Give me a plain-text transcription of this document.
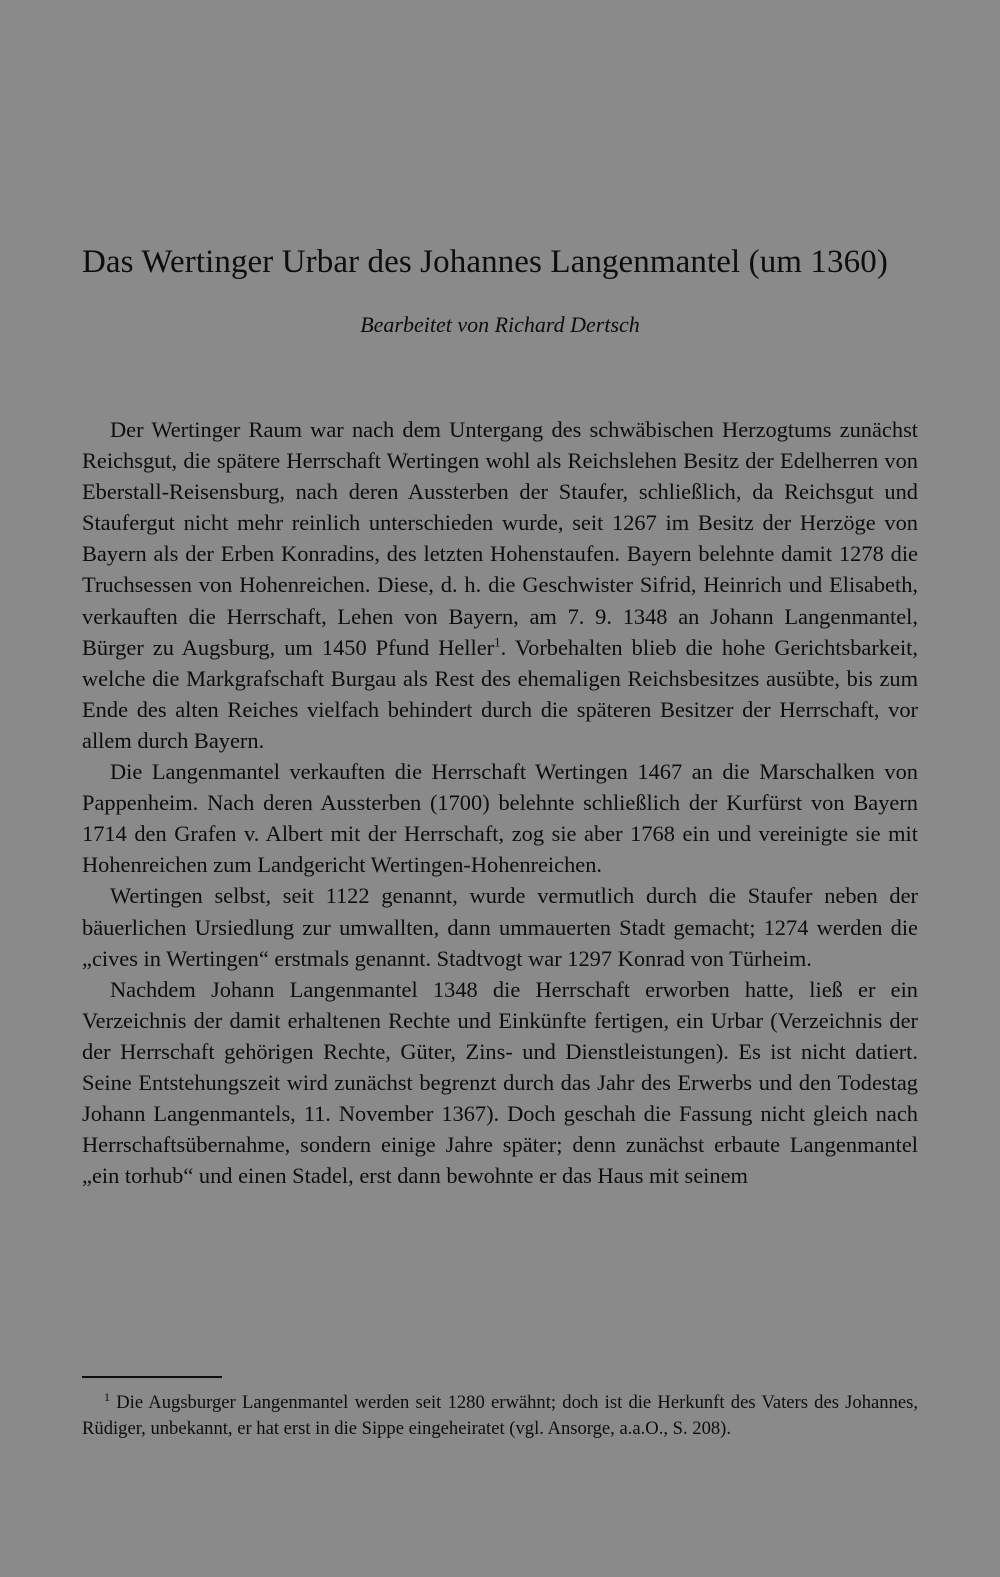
Das Wertinger Urbar des Johannes Langenmantel (um 1360)
Bearbeitet von Richard Dertsch

Der Wertinger Raum war nach dem Untergang des schwäbischen Herzogtums zunächst Reichsgut, die spätere Herrschaft Wertingen wohl als Reichslehen Besitz der Edelherren von Eberstall-Reisensburg, nach deren Aussterben der Staufer, schließlich, da Reichsgut und Staufergut nicht mehr reinlich unterschieden wurde, seit 1267 im Besitz der Herzöge von Bayern als der Erben Konradins, des letzten Hohenstaufen. Bayern belehnte damit 1278 die Truchsessen von Hohenreichen. Diese, d. h. die Geschwister Sifrid, Heinrich und Elisabeth, verkauften die Herrschaft, Lehen von Bayern, am 7. 9. 1348 an Johann Langenmantel, Bürger zu Augsburg, um 1450 Pfund Heller$^1$. Vorbehalten blieb die hohe Gerichtsbarkeit, welche die Markgrafschaft Burgau als Rest des ehemaligen Reichsbesitzes ausübte, bis zum Ende des alten Reiches vielfach behindert durch die späteren Besitzer der Herrschaft, vor allem durch Bayern.

Die Langenmantel verkauften die Herrschaft Wertingen 1467 an die Marschalken von Pappenheim. Nach deren Aussterben (1700) belehnte schließlich der Kurfürst von Bayern 1714 den Grafen v. Albert mit der Herrschaft, zog sie aber 1768 ein und vereinigte sie mit Hohenreichen zum Landgericht Wertingen-Hohenreichen.

Wertingen selbst, seit 1122 genannt, wurde vermutlich durch die Staufer neben der bäuerlichen Ursiedlung zur umwallten, dann ummauerten Stadt gemacht; 1274 werden die „cives in Wertingen“ erstmals genannt. Stadtvogt war 1297 Konrad von Türheim.

Nachdem Johann Langenmantel 1348 die Herrschaft erworben hatte, ließ er ein Verzeichnis der damit erhaltenen Rechte und Einkünfte fertigen, ein Urbar (Verzeichnis der der Herrschaft gehörigen Rechte, Güter, Zins- und Dienstleistungen). Es ist nicht datiert. Seine Entstehungszeit wird zunächst begrenzt durch das Jahr des Erwerbs und den Todestag Johann Langenmantels, 11. November 1367). Doch geschah die Fassung nicht gleich nach Herrschaftsübernahme, sondern einige Jahre später; denn zunächst erbaute Langenmantel „ein torhub“ und einen Stadel, erst dann bewohnte er das Haus mit seinem

$^1$ Die Augsburger Langenmantel werden seit 1280 erwähnt; doch ist die Herkunft des Vaters des Johannes, Rüdiger, unbekannt, er hat erst in die Sippe eingeheiratet (vgl. Ansorge, a.a.O., S. 208).
